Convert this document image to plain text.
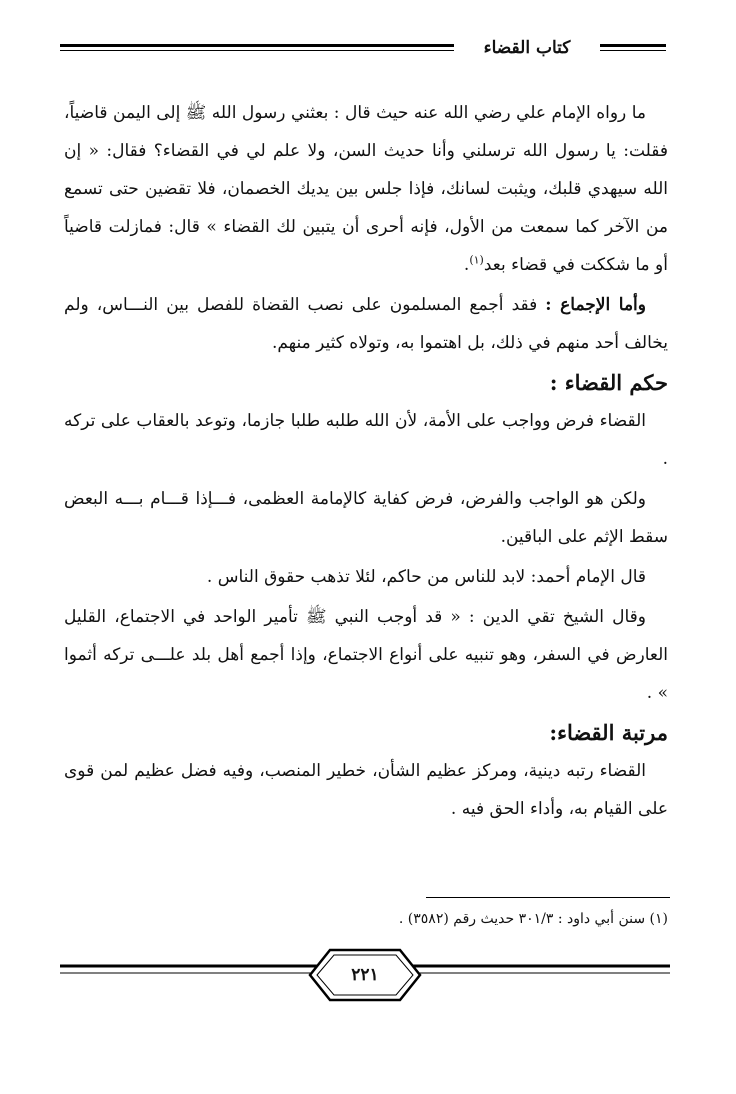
كتاب القضاء

ما رواه الإمام علي رضي الله عنه حيث قال : بعثني رسول الله ﷺ إلى اليمن قاضياً، فقلت: يا رسول الله ترسلني وأنا حديث السن، ولا علم لي في القضاء؟ فقال: « إن الله سيهدي قلبك، ويثبت لسانك، فإذا جلس بين يديك الخصمان، فلا تقضين حتى تسمع من الآخر كما سمعت من الأول، فإنه أحرى أن يتبين لك القضاء » قال: فمازلت قاضياً أو ما شككت في قضاء بعد$^{(١)}$.

وأما الإجماع : فقد أجمع المسلمون على نصب القضاة للفصل بين النـــاس، ولم يخالف أحد منهم في ذلك، بل اهتموا به، وتولاه كثير منهم.

حكم القضاء :

القضاء فرض وواجب على الأمة، لأن الله طلبه طلبا جازما، وتوعد بالعقاب على تركه .

ولكن هو الواجب والفرض، فرض كفاية كالإمامة العظمى، فـــإذا قـــام بـــه البعض سقط الإثم على الباقين.

قال الإمام أحمد: لابد للناس من حاكم، لئلا تذهب حقوق الناس .

وقال الشيخ تقي الدين : « قد أوجب النبي ﷺ تأمير الواحد في الاجتماع، القليل العارض في السفر، وهو تنبيه على أنواع الاجتماع، وإذا أجمع أهل بلد علـــى تركه أثموا » .

مرتبة القضاء:

القضاء رتبه دينية، ومركز عظيم الشأن، خطير المنصب، وفيه فضل عظيم لمن قوى على القيام به، وأداء الحق فيه .

(١) سنن أبي داود : ٣٠١/٣ حديث رقم (٣٥٨٢) .
٢٢١
